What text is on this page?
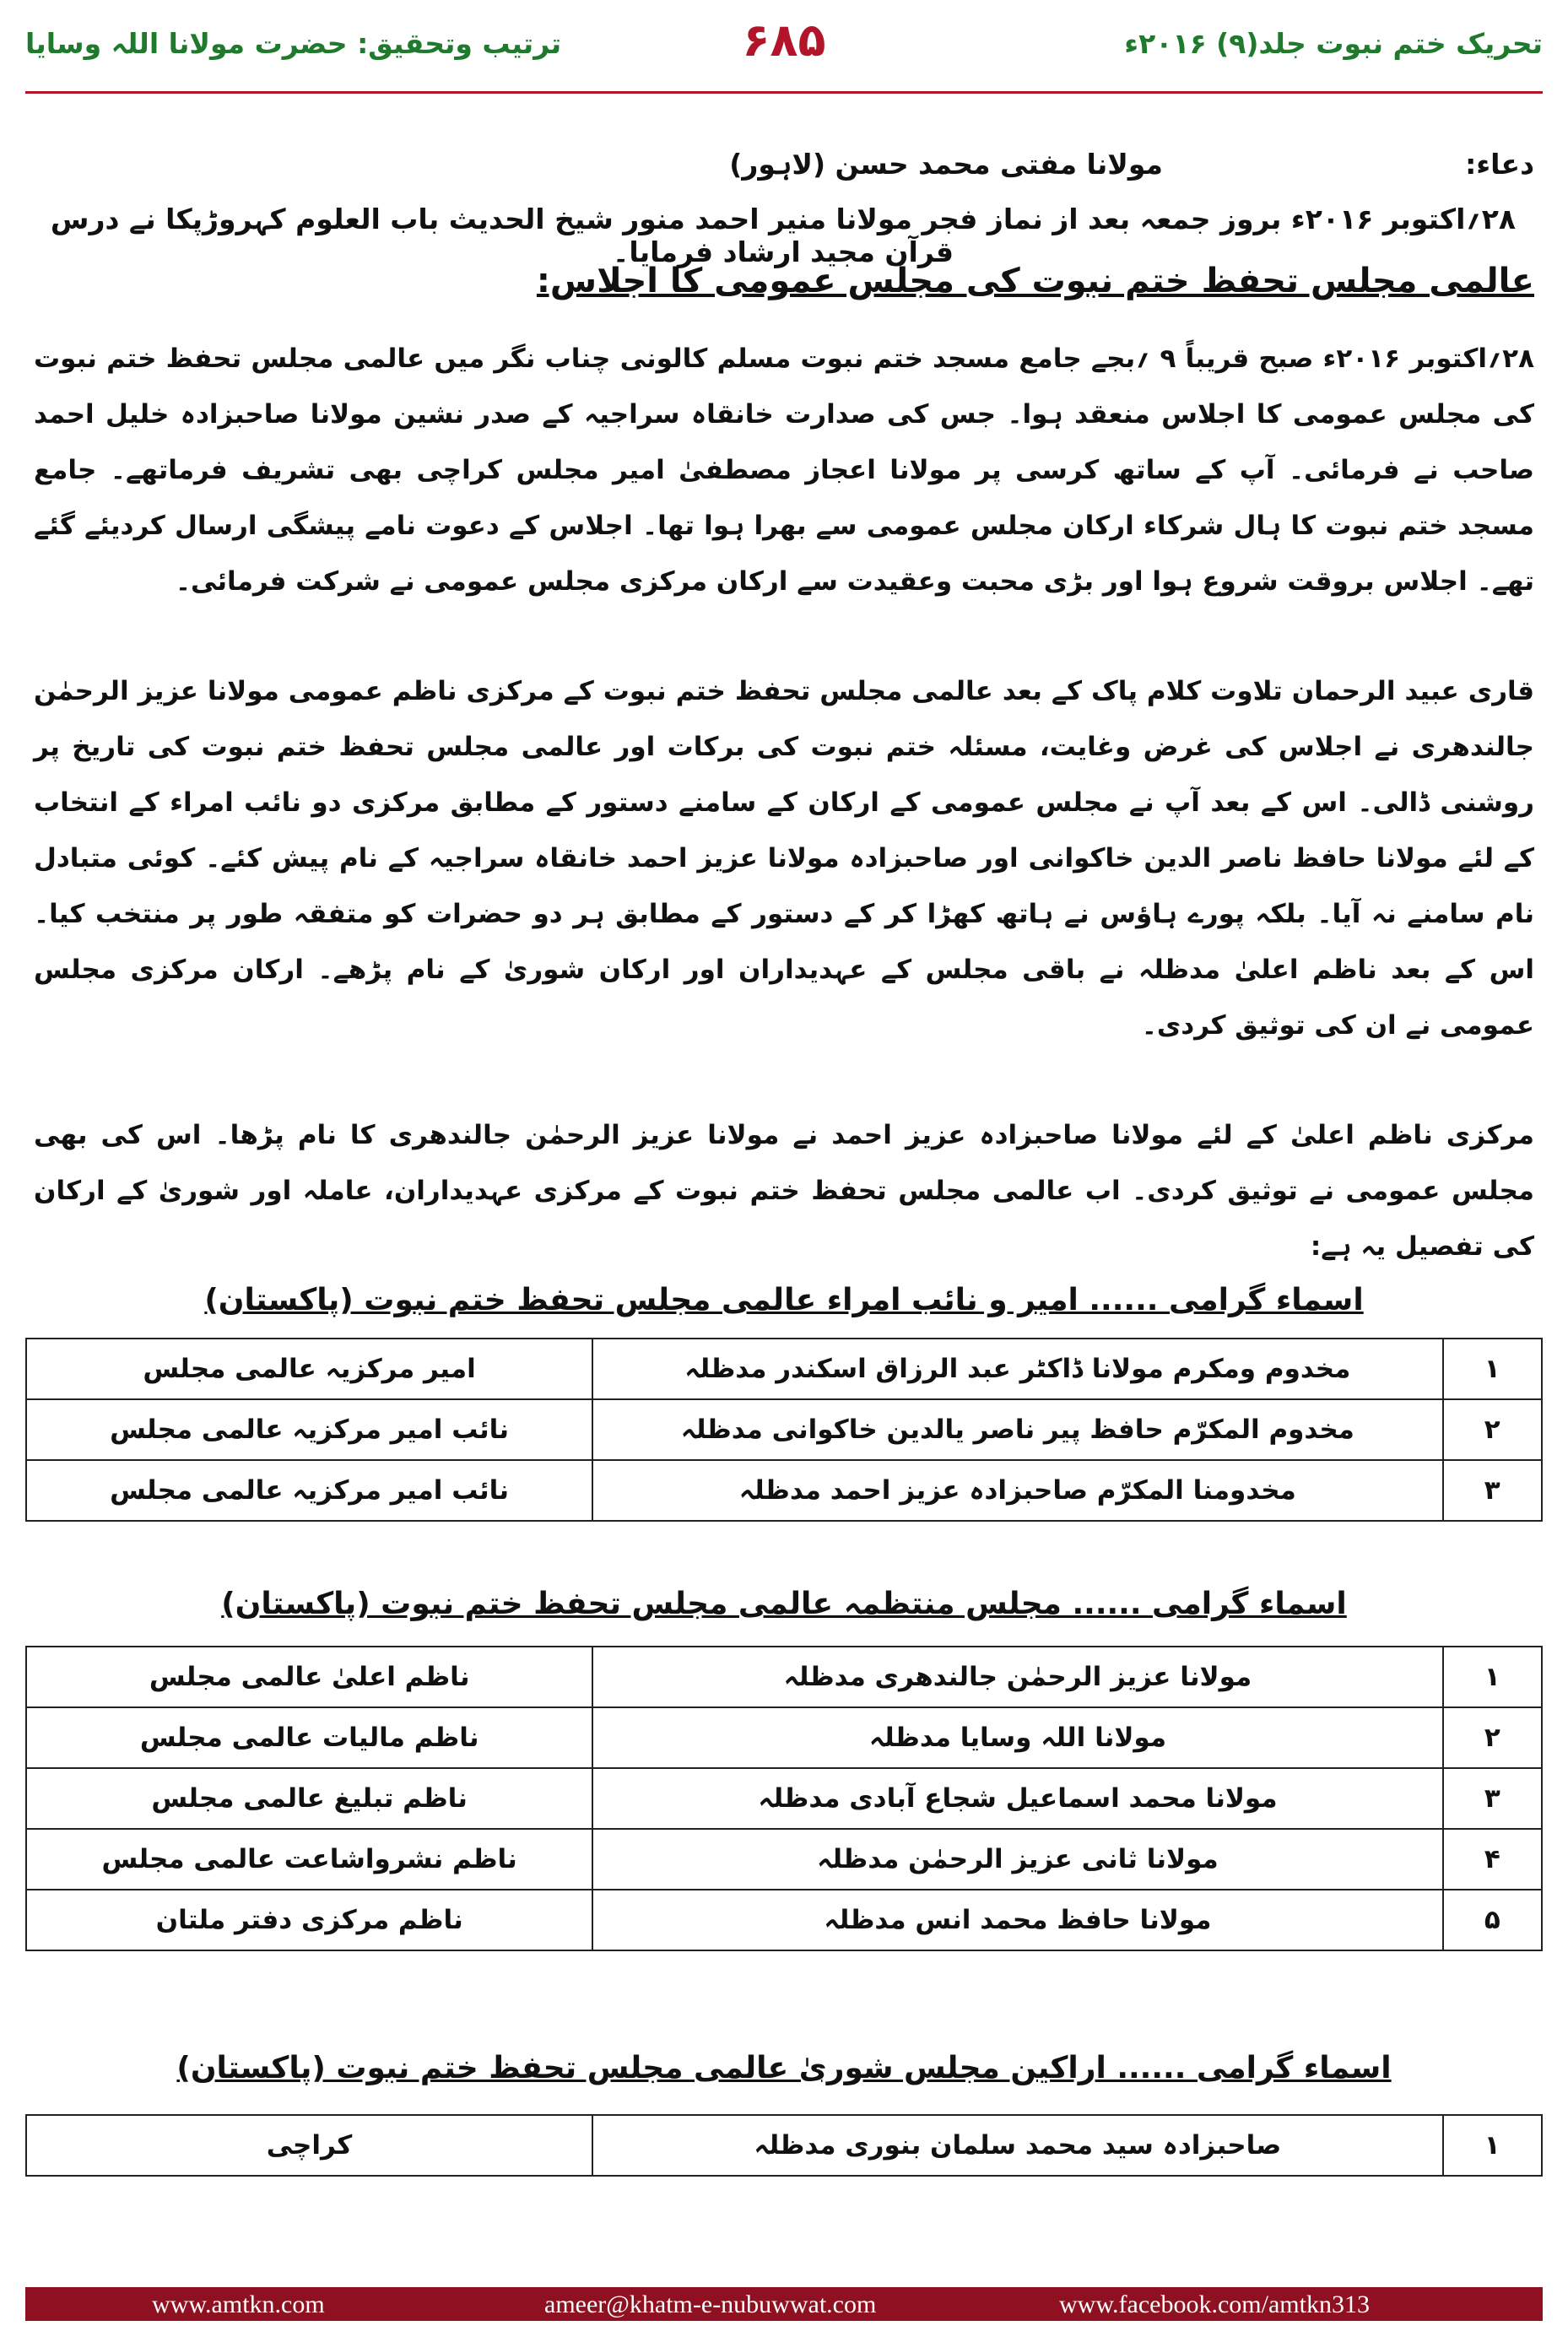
ترتیب وتحقیق: حضرت مولانا اللہ وسایا	۶۸۵	تحریک ختم نبوت جلد(۹) ۲۰۱۶ء
دعاء:
مولانا مفتی محمد حسن (لاہور)
۲۸؍اکتوبر ۲۰۱۶ء بروز جمعہ بعد از نماز فجر مولانا منیر احمد منور شیخ الحدیث باب العلوم کہروڑپکا نے درس قرآن مجید ارشاد فرمایا۔
عالمی مجلس تحفظ ختم نبوت کی مجلس عمومی کا اجلاس:
۲۸؍اکتوبر ۲۰۱۶ء صبح قریباً ۹ ؍بجے جامع مسجد ختم نبوت مسلم کالونی چناب نگر میں عالمی مجلس تحفظ ختم نبوت کی مجلس عمومی کا اجلاس منعقد ہوا۔ جس کی صدارت خانقاہ سراجیہ کے صدر نشین مولانا صاحبزادہ خلیل احمد صاحب نے فرمائی۔ آپ کے ساتھ کرسی پر مولانا اعجاز مصطفیٰ امیر مجلس کراچی بھی تشریف فرماتھے۔ جامع مسجد ختم نبوت کا ہال شرکاء ارکان مجلس عمومی سے بھرا ہوا تھا۔ اجلاس کے دعوت نامے پیشگی ارسال کردیئے گئے تھے۔ اجلاس بروقت شروع ہوا اور بڑی محبت وعقیدت سے ارکان مرکزی مجلس عمومی نے شرکت فرمائی۔
قاری عبید الرحمان تلاوت کلام پاک کے بعد عالمی مجلس تحفظ ختم نبوت کے مرکزی ناظم عمومی مولانا عزیز الرحمٰن جالندھری نے اجلاس کی غرض وغایت، مسئلہ ختم نبوت کی برکات اور عالمی مجلس تحفظ ختم نبوت کی تاریخ پر روشنی ڈالی۔ اس کے بعد آپ نے مجلس عمومی کے ارکان کے سامنے دستور کے مطابق مرکزی دو نائب امراء کے انتخاب کے لئے مولانا حافظ ناصر الدین خاکوانی اور صاحبزادہ مولانا عزیز احمد خانقاہ سراجیہ کے نام پیش کئے۔ کوئی متبادل نام سامنے نہ آیا۔ بلکہ پورے ہاؤس نے ہاتھ کھڑا کر کے دستور کے مطابق ہر دو حضرات کو متفقہ طور پر منتخب کیا۔ اس کے بعد ناظم اعلیٰ مدظلہ نے باقی مجلس کے عہدیداران اور ارکان شوریٰ کے نام پڑھے۔ ارکان مرکزی مجلس عمومی نے ان کی توثیق کردی۔
مرکزی ناظم اعلیٰ کے لئے مولانا صاحبزادہ عزیز احمد نے مولانا عزیز الرحمٰن جالندھری کا نام پڑھا۔ اس کی بھی مجلس عمومی نے توثیق کردی۔ اب عالمی مجلس تحفظ ختم نبوت کے مرکزی عہدیداران، عاملہ اور شوریٰ کے ارکان کی تفصیل یہ ہے:
اسماء گرامی ...... امیر و نائب امراء عالمی مجلس تحفظ ختم نبوت (پاکستان)
۱	مخدوم ومکرم مولانا ڈاکٹر عبد الرزاق اسکندر مدظلہ	امیر مرکزیہ عالمی مجلس
۲	مخدوم المکرّم حافظ پیر ناصر یالدین خاکوانی مدظلہ	نائب امیر مرکزیہ عالمی مجلس
۳	مخدومنا المکرّم صاحبزادہ عزیز احمد مدظلہ	نائب امیر مرکزیہ عالمی مجلس
اسماء گرامی ...... مجلس منتظمہ عالمی مجلس تحفظ ختم نبوت (پاکستان)
۱	مولانا عزیز الرحمٰن جالندھری مدظلہ	ناظم اعلیٰ عالمی مجلس
۲	مولانا اللہ وسایا مدظلہ	ناظم مالیات عالمی مجلس
۳	مولانا محمد اسماعیل شجاع آبادی مدظلہ	ناظم تبلیغ عالمی مجلس
۴	مولانا ثانی عزیز الرحمٰن مدظلہ	ناظم نشرواشاعت عالمی مجلس
۵	مولانا حافظ محمد انس مدظلہ	ناظم مرکزی دفتر ملتان
اسماء گرامی ...... اراکین مجلس شوریٰ عالمی مجلس تحفظ ختم نبوت (پاکستان)
۱	صاحبزادہ سید محمد سلمان بنوری مدظلہ	کراچی
www.amtkn.com	ameer@khatm-e-nubuwwat.com	www.facebook.com/amtkn313
